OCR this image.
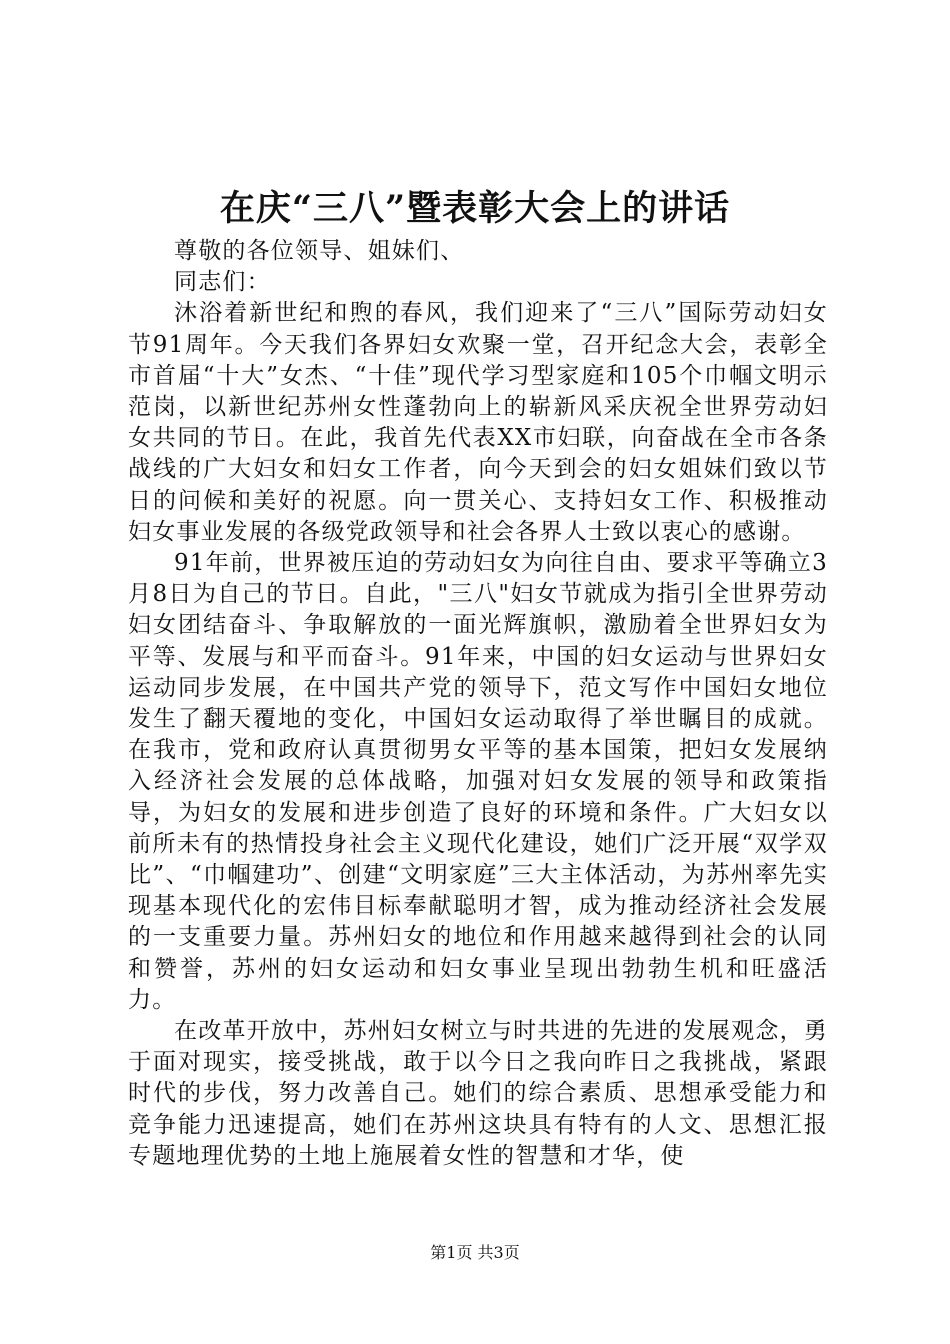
在庆“三八”暨表彰大会上的讲话

尊敬的各位领导、姐妹们、

同志们：

沐浴着新世纪和煦的春风，我们迎来了“三八”国际劳动妇女节91周年。今天我们各界妇女欢聚一堂，召开纪念大会，表彰全市首届“十大”女杰、“十佳”现代学习型家庭和105个巾帼文明示范岗，以新世纪苏州女性蓬勃向上的崭新风采庆祝全世界劳动妇女共同的节日。在此，我首先代表XX市妇联，向奋战在全市各条战线的广大妇女和妇女工作者，向今天到会的妇女姐妹们致以节日的问候和美好的祝愿。向一贯关心、支持妇女工作、积极推动妇女事业发展的各级党政领导和社会各界人士致以衷心的感谢。

91年前，世界被压迫的劳动妇女为向往自由、要求平等确立3月8日为自己的节日。自此，"三八"妇女节就成为指引全世界劳动妇女团结奋斗、争取解放的一面光辉旗帜，激励着全世界妇女为平等、发展与和平而奋斗。91年来，中国的妇女运动与世界妇女运动同步发展，在中国共产党的领导下，范文写作中国妇女地位发生了翻天覆地的变化，中国妇女运动取得了举世瞩目的成就。在我市，党和政府认真贯彻男女平等的基本国策，把妇女发展纳入经济社会发展的总体战略，加强对妇女发展的领导和政策指导，为妇女的发展和进步创造了良好的环境和条件。广大妇女以前所未有的热情投身社会主义现代化建设，她们广泛开展“双学双比”、“巾帼建功”、创建“文明家庭”三大主体活动，为苏州率先实现基本现代化的宏伟目标奉献聪明才智，成为推动经济社会发展的一支重要力量。苏州妇女的地位和作用越来越得到社会的认同和赞誉，苏州的妇女运动和妇女事业呈现出勃勃生机和旺盛活力。

在改革开放中，苏州妇女树立与时共进的先进的发展观念，勇于面对现实，接受挑战，敢于以今日之我向昨日之我挑战，紧跟时代的步伐，努力改善自己。她们的综合素质、思想承受能力和竞争能力迅速提高，她们在苏州这块具有特有的人文、思想汇报专题地理优势的土地上施展着女性的智慧和才华，使

第1页 共3页
